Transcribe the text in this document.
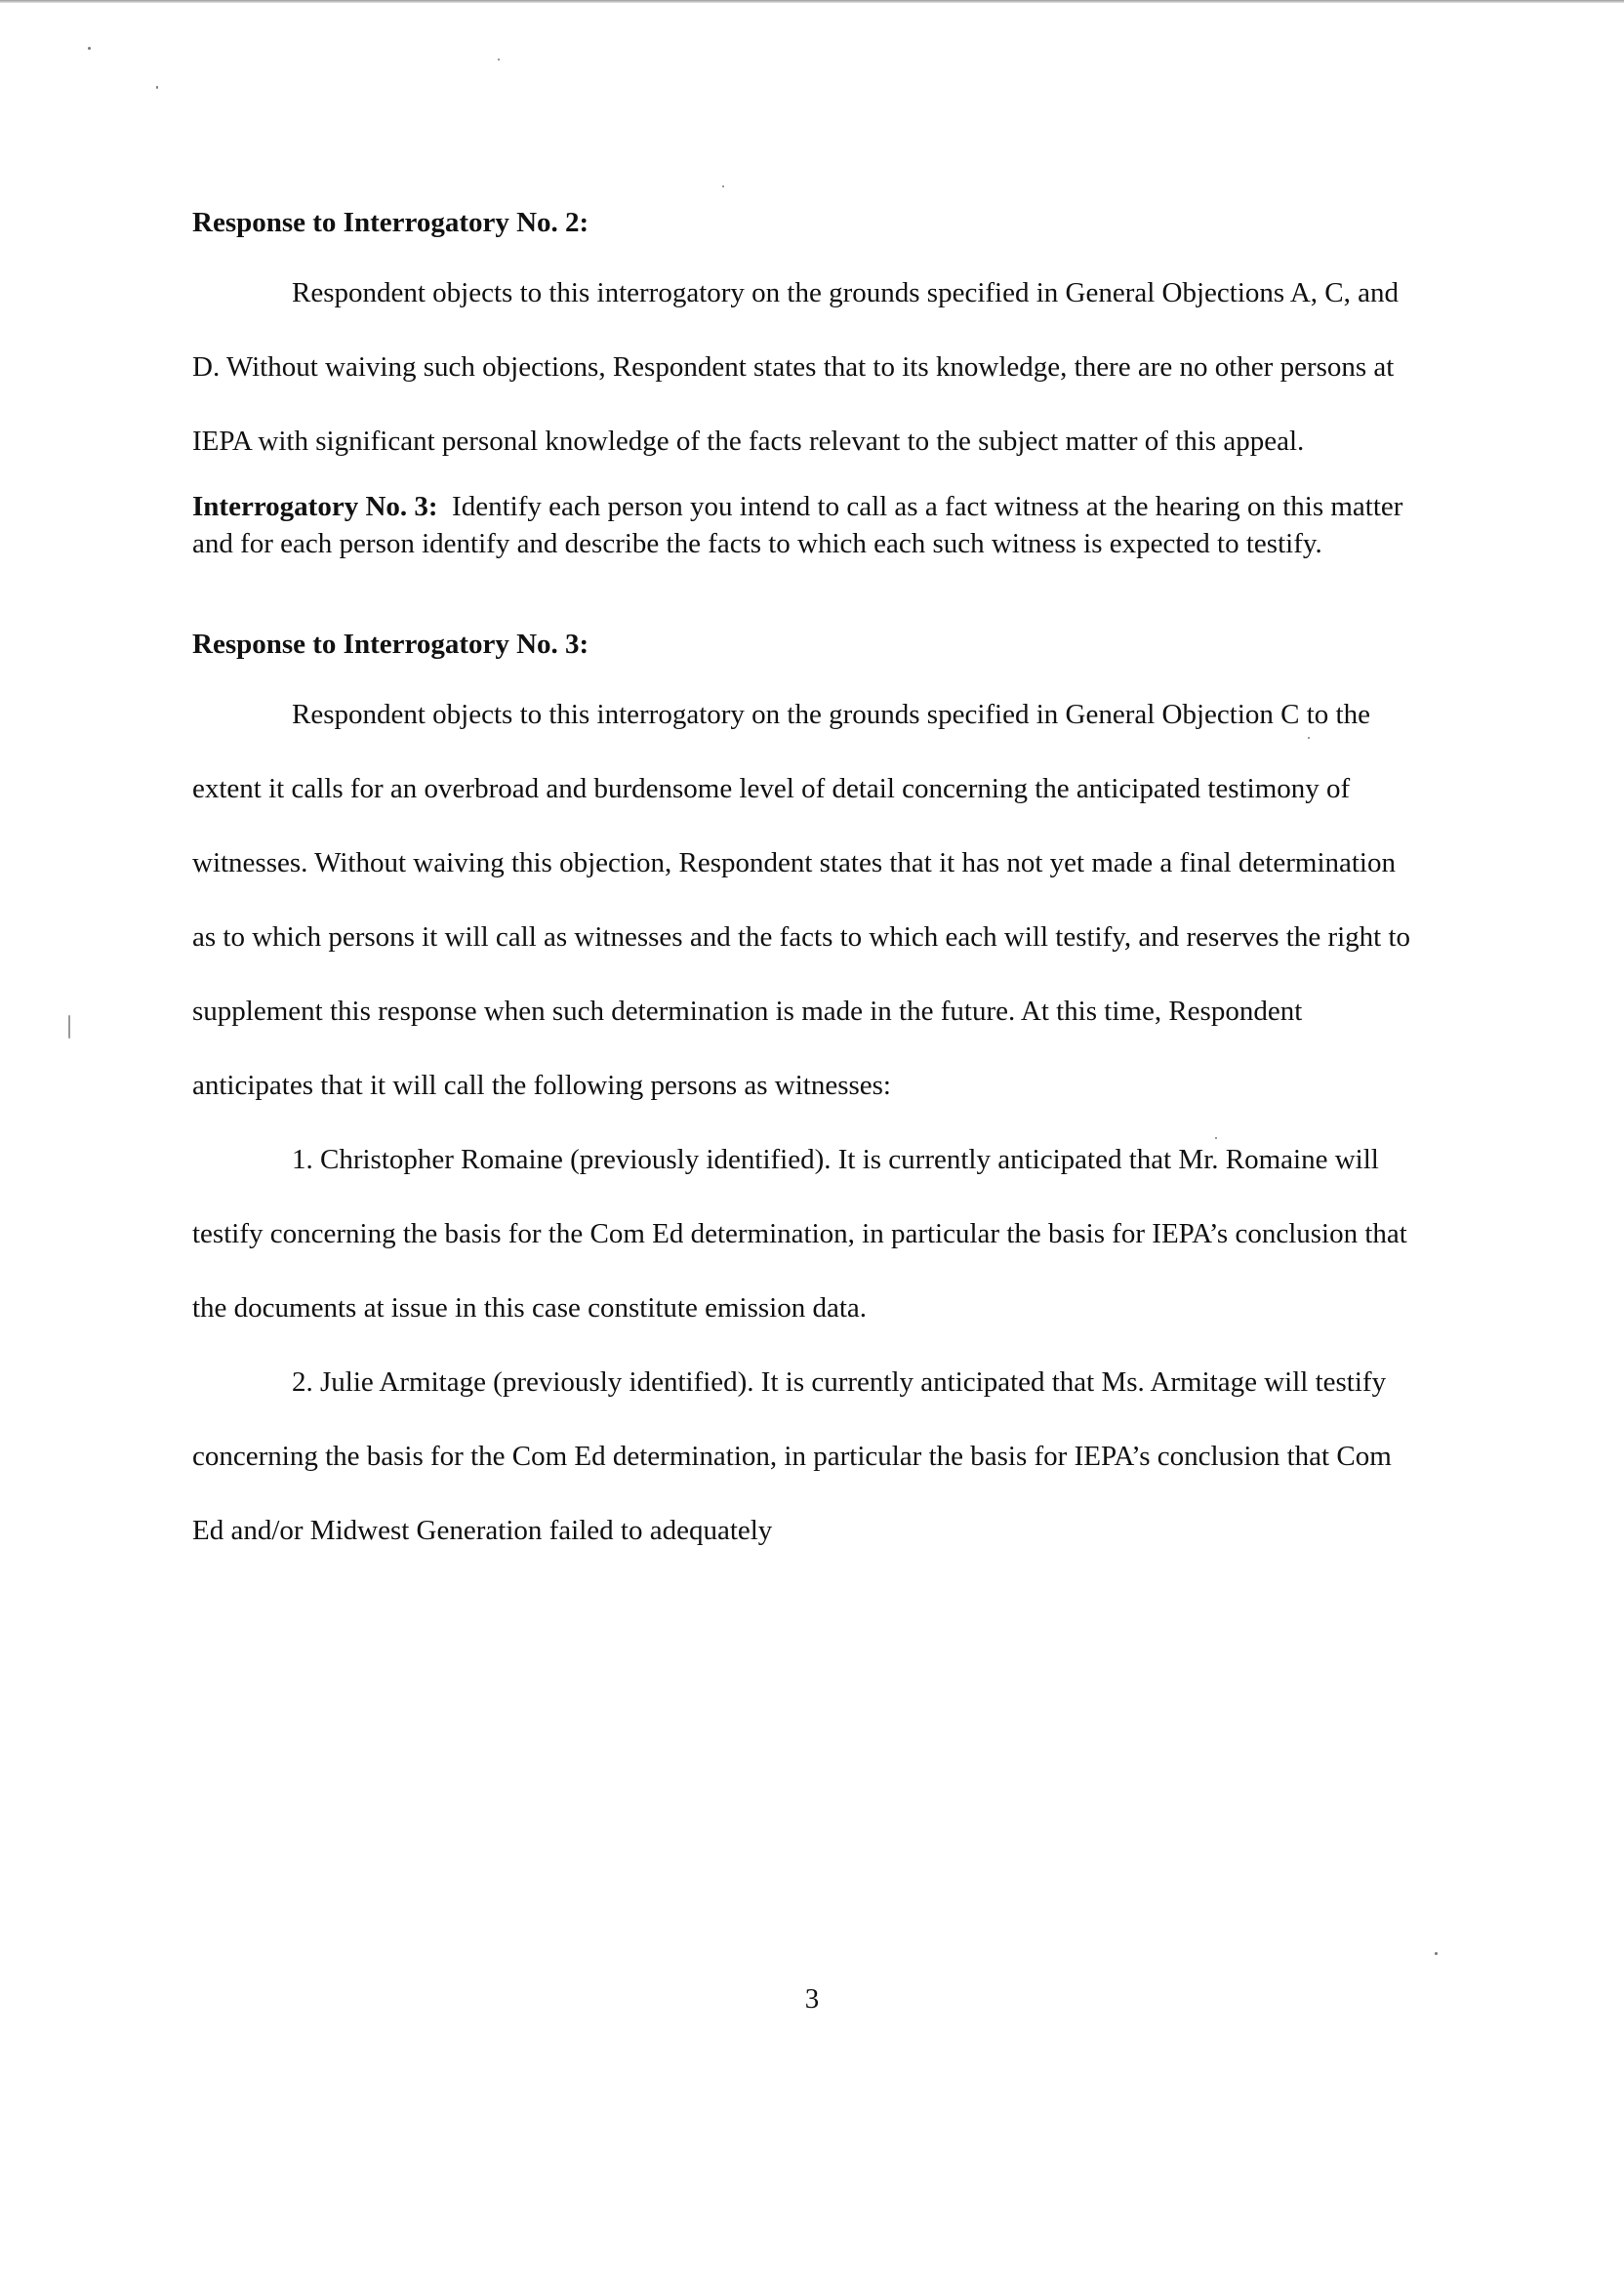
Response to Interrogatory No. 2:

Respondent objects to this interrogatory on the grounds specified in General Objections A, C, and D. Without waiving such objections, Respondent states that to its knowledge, there are no other persons at IEPA with significant personal knowledge of the facts relevant to the subject matter of this appeal.

Interrogatory No. 3: Identify each person you intend to call as a fact witness at the hearing on this matter and for each person identify and describe the facts to which each such witness is expected to testify.

Response to Interrogatory No. 3:

Respondent objects to this interrogatory on the grounds specified in General Objection C to the extent it calls for an overbroad and burdensome level of detail concerning the anticipated testimony of witnesses. Without waiving this objection, Respondent states that it has not yet made a final determination as to which persons it will call as witnesses and the facts to which each will testify, and reserves the right to supplement this response when such determination is made in the future. At this time, Respondent anticipates that it will call the following persons as witnesses:

1. Christopher Romaine (previously identified). It is currently anticipated that Mr. Romaine will testify concerning the basis for the Com Ed determination, in particular the basis for IEPA’s conclusion that the documents at issue in this case constitute emission data.

2. Julie Armitage (previously identified). It is currently anticipated that Ms. Armitage will testify concerning the basis for the Com Ed determination, in particular the basis for IEPA’s conclusion that Com Ed and/or Midwest Generation failed to adequately

3
